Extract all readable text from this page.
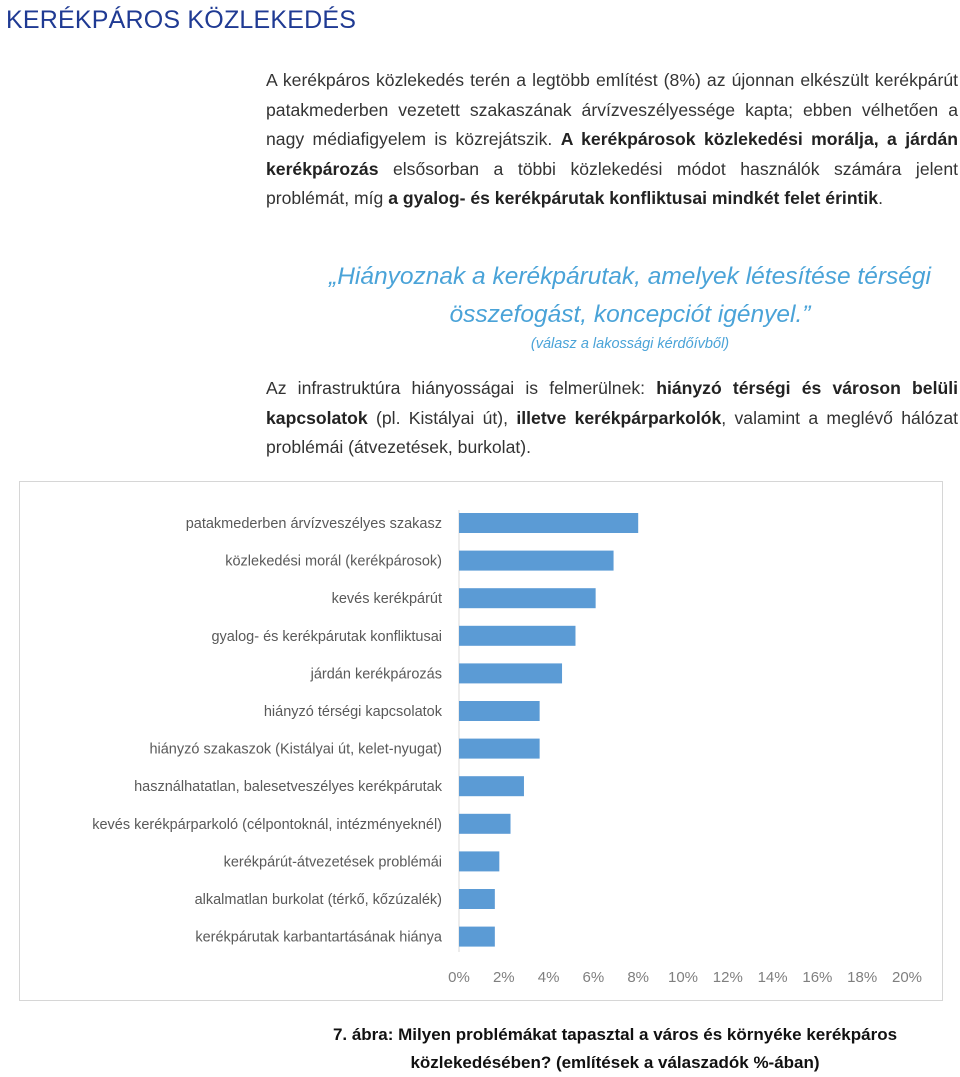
KERÉKPÁROS KÖZLEKEDÉS

A kerékpáros közlekedés terén a legtöbb említést (8%) az újonnan elkészült kerékpárút patakmederben vezetett szakaszának árvízveszélyessége kapta; ebben vélhetően a nagy médiafigyelem is közrejátszik. A kerékpárosok közlekedési morálja, a járdán kerékpározás elsősorban a többi közlekedési módot használók számára jelent problémát, míg a gyalog- és kerékpárutak konfliktusai mindkét felet érintik.

„Hiányoznak a kerékpárutak, amelyek létesítése térségi összefogást, koncepciót igényel.”

(válasz a lakossági kérdőívből)

Az infrastruktúra hiányosságai is felmerülnek: hiányzó térségi és városon belüli kapcsolatok (pl. Kistályai út), illetve kerékpárparkolók, valamint a meglévő hálózat problémái (átvezetések, burkolat).

patakmederben árvízveszélyes szakasz
közlekedési morál (kerékpárosok)
kevés kerékpárút
gyalog- és kerékpárutak konfliktusai
járdán kerékpározás
hiányzó térségi kapcsolatok
hiányzó szakaszok (Kistályai út, kelet-nyugat)
használhatatlan, balesetveszélyes kerékpárutak
kevés kerékpárparkoló (célpontoknál, intézményeknél)
kerékpárút-átvezetések problémái
alkalmatlan burkolat (térkő, kőzúzalék)
kerékpárutak karbantartásának hiánya
0% 2% 4% 6% 8% 10% 12% 14% 16% 18% 20%

7. ábra: Milyen problémákat tapasztal a város és környéke kerékpáros közlekedésében? (említések a válaszadók %-ában)
